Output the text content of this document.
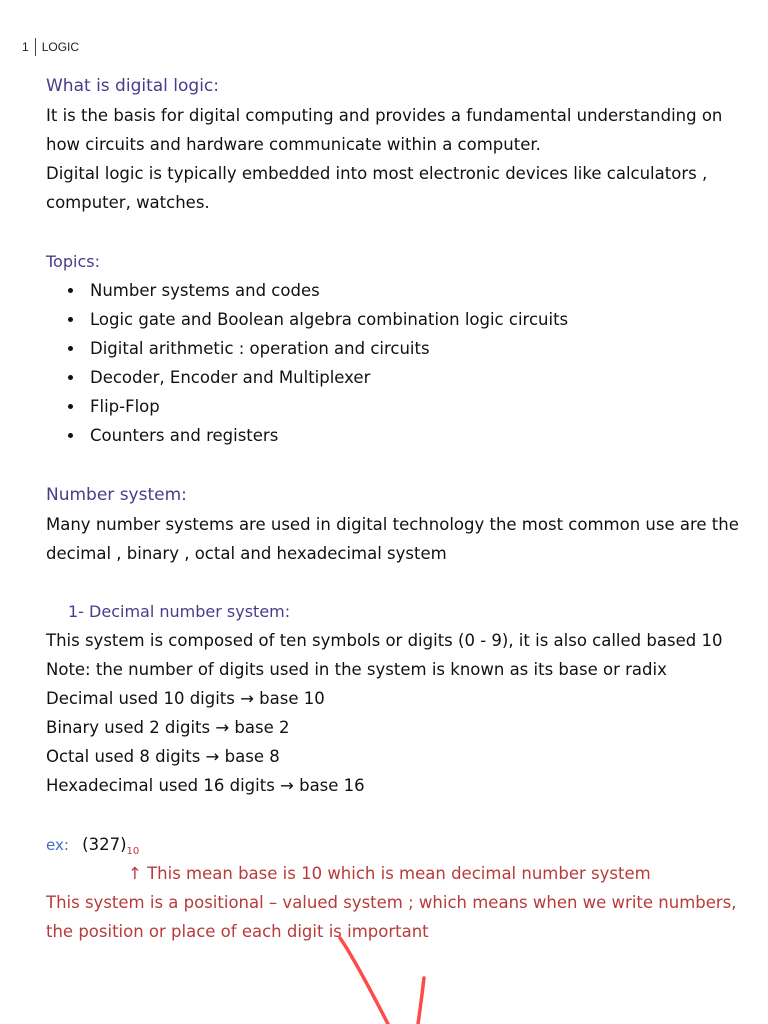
1 LOGIC
What is digital logic:
It is the basis for digital computing and provides a fundamental understanding on
how circuits and hardware communicate within a computer.
Digital logic is typically embedded into most electronic devices like calculators ,
computer, watches.
Topics:
Number systems and codes
Logic gate and Boolean algebra combination logic circuits
Digital arithmetic : operation and circuits
Decoder, Encoder and Multiplexer
Flip-Flop
Counters and registers
Number system:
Many number systems are used in digital technology the most common use are the
decimal , binary , octal and hexadecimal system
1- Decimal number system:
This system is composed of ten symbols or digits (0 - 9), it is also called based 10
Note: the number of digits used in the system is known as its base or radix
Decimal used 10 digits → base 10
Binary used 2 digits → base 2
Octal used 8 digits → base 8
Hexadecimal used 16 digits → base 16
ex: $(327)_{10}$
↑ This mean base is 10 which is mean decimal number system
This system is a positional – valued system ; which means when we write numbers,
the position or place of each digit is important
